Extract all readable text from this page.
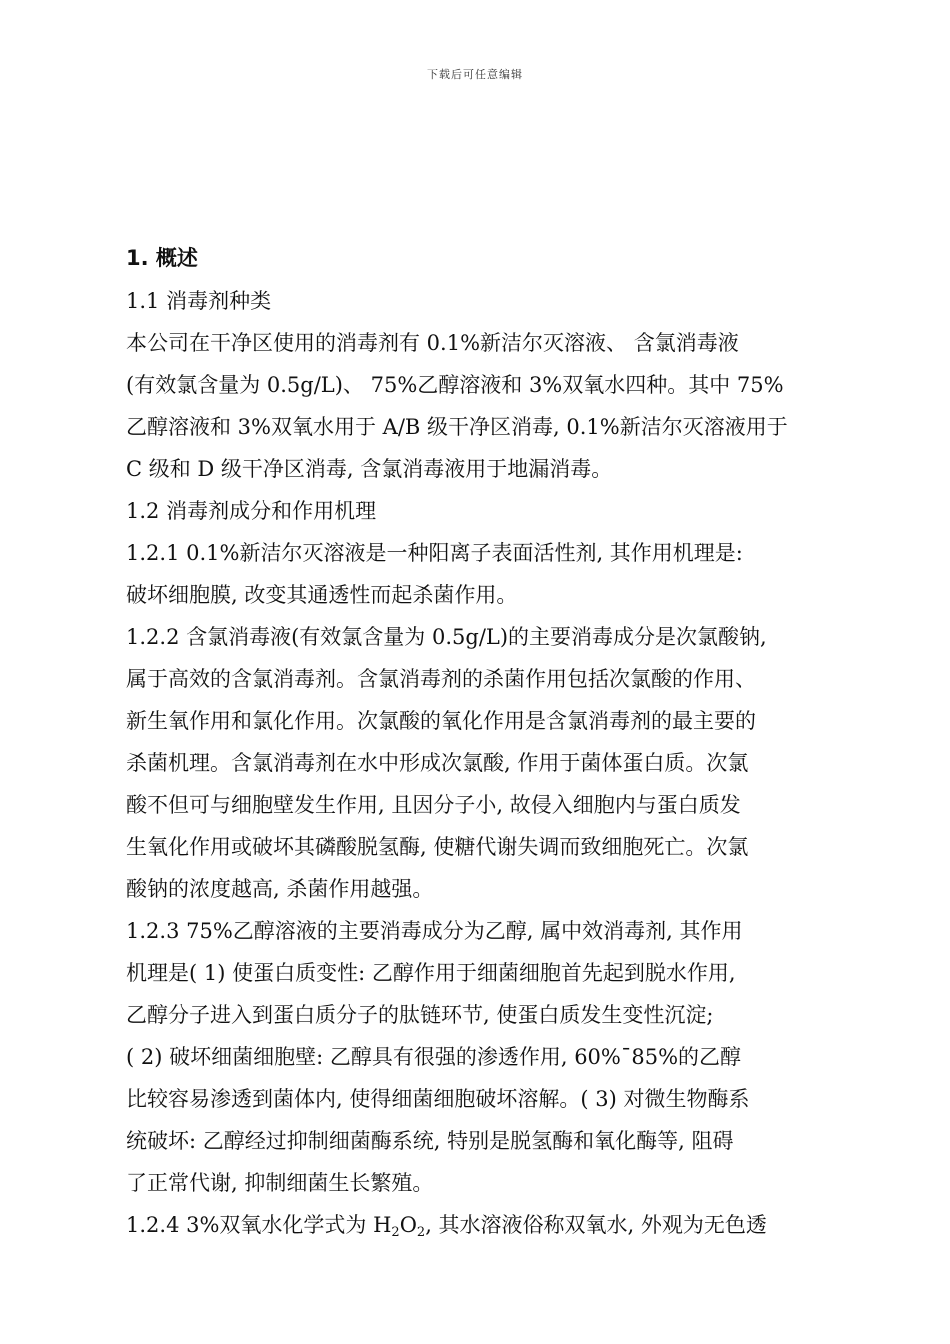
下载后可任意编辑
1. 概述
1.1 消毒剂种类
本公司在干净区使用的消毒剂有 0.1%新洁尔灭溶液、 含氯消毒液
(有效氯含量为 0.5g/L)、 75%乙醇溶液和 3%双氧水四种。其中 75%
乙醇溶液和 3%双氧水用于 A/B 级干净区消毒, 0.1%新洁尔灭溶液用于
C 级和 D 级干净区消毒, 含氯消毒液用于地漏消毒。
1.2 消毒剂成分和作用机理
1.2.1 0.1%新洁尔灭溶液是一种阳离子表面活性剂, 其作用机理是:
破坏细胞膜, 改变其通透性而起杀菌作用。
1.2.2 含氯消毒液(有效氯含量为 0.5g/L)的主要消毒成分是次氯酸钠,
属于高效的含氯消毒剂。含氯消毒剂的杀菌作用包括次氯酸的作用、
新生氧作用和氯化作用。次氯酸的氧化作用是含氯消毒剂的最主要的
杀菌机理。含氯消毒剂在水中形成次氯酸, 作用于菌体蛋白质。次氯
酸不但可与细胞壁发生作用, 且因分子小, 故侵入细胞内与蛋白质发
生氧化作用或破坏其磷酸脱氢酶, 使糖代谢失调而致细胞死亡。次氯
酸钠的浓度越高, 杀菌作用越强。
1.2.3 75%乙醇溶液的主要消毒成分为乙醇, 属中效消毒剂, 其作用
机理是( 1) 使蛋白质变性: 乙醇作用于细菌细胞首先起到脱水作用,
乙醇分子进入到蛋白质分子的肽链环节, 使蛋白质发生变性沉淀;
( 2) 破坏细菌细胞壁: 乙醇具有很强的渗透作用, 60%¯85%的乙醇
比较容易渗透到菌体内, 使得细菌细胞破坏溶解。( 3) 对微生物酶系
统破坏: 乙醇经过抑制细菌酶系统, 特别是脱氢酶和氧化酶等, 阻碍
了正常代谢, 抑制细菌生长繁殖。
1.2.4 3%双氧水化学式为 $H_2O_2$, 其水溶液俗称双氧水, 外观为无色透
